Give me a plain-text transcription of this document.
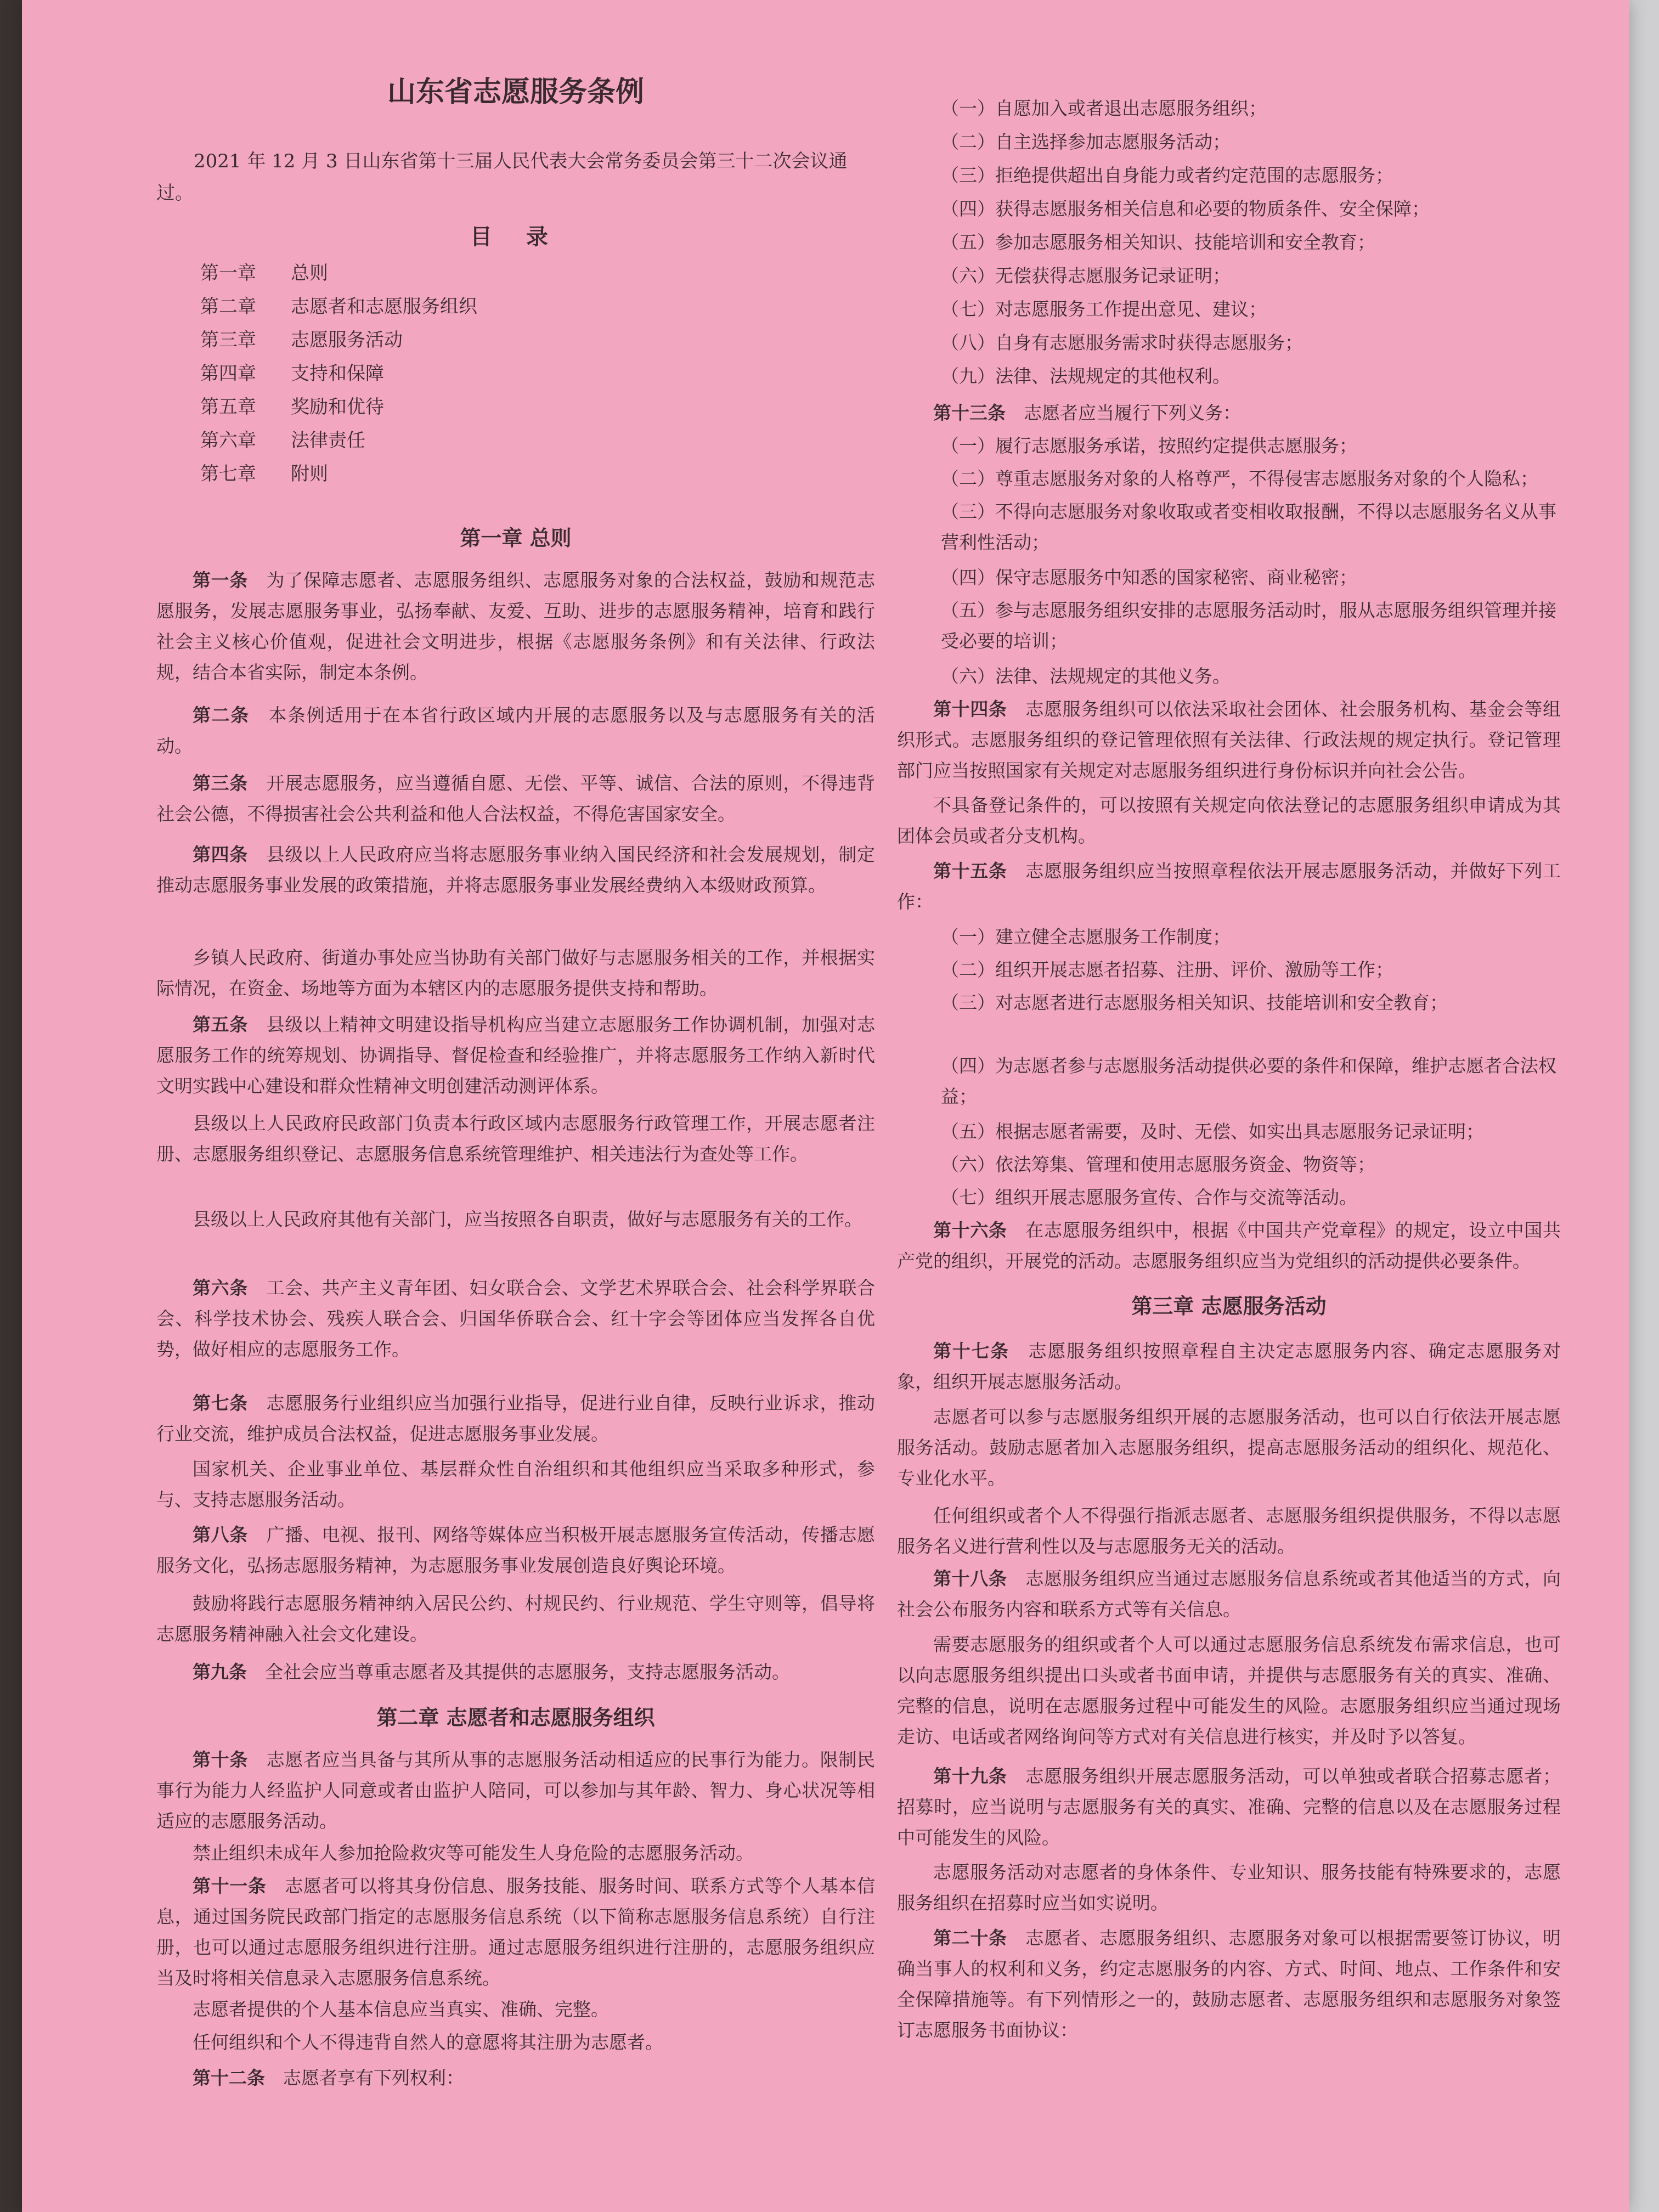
山东省志愿服务条例
2021 年 12 月 3 日山东省第十三届人民代表大会常务委员会第三十二次会议通过。
目 录
第一章	总则
第二章	志愿者和志愿服务组织
第三章	志愿服务活动
第四章	支持和保障
第五章	奖励和优待
第六章	法律责任
第七章	附则
第一章 总则
第一条　 为了保障志愿者、志愿服务组织、志愿服务对象的合法权益，鼓励和规范志愿服务，发展志愿服务事业，弘扬奉献、友爱、互助、进步的志愿服务精神，培育和践行社会主义核心价值观，促进社会文明进步，根据《志愿服务条例》和有关法律、行政法规，结合本省实际，制定本条例。
第二条　 本条例适用于在本省行政区域内开展的志愿服务以及与志愿服务有关的活动。
第三条　 开展志愿服务，应当遵循自愿、无偿、平等、诚信、合法的原则，不得违背社会公德，不得损害社会公共利益和他人合法权益，不得危害国家安全。
第四条　 县级以上人民政府应当将志愿服务事业纳入国民经济和社会发展规划，制定推动志愿服务事业发展的政策措施，并将志愿服务事业发展经费纳入本级财政预算。
乡镇人民政府、街道办事处应当协助有关部门做好与志愿服务相关的工作，并根据实际情况，在资金、场地等方面为本辖区内的志愿服务提供支持和帮助。
第五条　 县级以上精神文明建设指导机构应当建立志愿服务工作协调机制，加强对志愿服务工作的统筹规划、协调指导、督促检查和经验推广，并将志愿服务工作纳入新时代文明实践中心建设和群众性精神文明创建活动测评体系。
县级以上人民政府民政部门负责本行政区域内志愿服务行政管理工作，开展志愿者注册、志愿服务组织登记、志愿服务信息系统管理维护、相关违法行为查处等工作。
县级以上人民政府其他有关部门，应当按照各自职责，做好与志愿服务有关的工作。
第六条　 工会、共产主义青年团、妇女联合会、文学艺术界联合会、社会科学界联合会、科学技术协会、残疾人联合会、归国华侨联合会、红十字会等团体应当发挥各自优势，做好相应的志愿服务工作。
第七条　 志愿服务行业组织应当加强行业指导，促进行业自律，反映行业诉求，推动行业交流，维护成员合法权益，促进志愿服务事业发展。
国家机关、企业事业单位、基层群众性自治组织和其他组织应当采取多种形式，参与、支持志愿服务活动。
第八条　 广播、电视、报刊、网络等媒体应当积极开展志愿服务宣传活动，传播志愿服务文化，弘扬志愿服务精神，为志愿服务事业发展创造良好舆论环境。
鼓励将践行志愿服务精神纳入居民公约、村规民约、行业规范、学生守则等，倡导将志愿服务精神融入社会文化建设。
第九条　 全社会应当尊重志愿者及其提供的志愿服务，支持志愿服务活动。
第二章 志愿者和志愿服务组织
第十条　 志愿者应当具备与其所从事的志愿服务活动相适应的民事行为能力。限制民事行为能力人经监护人同意或者由监护人陪同，可以参加与其年龄、智力、身心状况等相适应的志愿服务活动。
禁止组织未成年人参加抢险救灾等可能发生人身危险的志愿服务活动。
第十一条　 志愿者可以将其身份信息、服务技能、服务时间、联系方式等个人基本信息，通过国务院民政部门指定的志愿服务信息系统（以下简称志愿服务信息系统）自行注册，也可以通过志愿服务组织进行注册。通过志愿服务组织进行注册的，志愿服务组织应当及时将相关信息录入志愿服务信息系统。
志愿者提供的个人基本信息应当真实、准确、完整。
任何组织和个人不得违背自然人的意愿将其注册为志愿者。
第十二条　 志愿者享有下列权利：
（一）自愿加入或者退出志愿服务组织；
（二）自主选择参加志愿服务活动；
（三）拒绝提供超出自身能力或者约定范围的志愿服务；
（四）获得志愿服务相关信息和必要的物质条件、安全保障；
（五）参加志愿服务相关知识、技能培训和安全教育；
（六）无偿获得志愿服务记录证明；
（七）对志愿服务工作提出意见、建议；
（八）自身有志愿服务需求时获得志愿服务；
（九）法律、法规规定的其他权利。
第十三条　 志愿者应当履行下列义务：
（一）履行志愿服务承诺，按照约定提供志愿服务；
（二）尊重志愿服务对象的人格尊严，不得侵害志愿服务对象的个人隐私；
（三）不得向志愿服务对象收取或者变相收取报酬，不得以志愿服务名义从事营利性活动；
（四）保守志愿服务中知悉的国家秘密、商业秘密；
（五）参与志愿服务组织安排的志愿服务活动时，服从志愿服务组织管理并接受必要的培训；
（六）法律、法规规定的其他义务。
第十四条　 志愿服务组织可以依法采取社会团体、社会服务机构、基金会等组织形式。志愿服务组织的登记管理依照有关法律、行政法规的规定执行。登记管理部门应当按照国家有关规定对志愿服务组织进行身份标识并向社会公告。
不具备登记条件的，可以按照有关规定向依法登记的志愿服务组织申请成为其团体会员或者分支机构。
第十五条　 志愿服务组织应当按照章程依法开展志愿服务活动，并做好下列工作：
（一）建立健全志愿服务工作制度；
（二）组织开展志愿者招募、注册、评价、激励等工作；
（三）对志愿者进行志愿服务相关知识、技能培训和安全教育；
（四）为志愿者参与志愿服务活动提供必要的条件和保障，维护志愿者合法权益；
（五）根据志愿者需要，及时、无偿、如实出具志愿服务记录证明；
（六）依法筹集、管理和使用志愿服务资金、物资等；
（七）组织开展志愿服务宣传、合作与交流等活动。
第十六条　 在志愿服务组织中，根据《中国共产党章程》的规定，设立中国共产党的组织，开展党的活动。志愿服务组织应当为党组织的活动提供必要条件。
第三章 志愿服务活动
第十七条　 志愿服务组织按照章程自主决定志愿服务内容、确定志愿服务对象，组织开展志愿服务活动。
志愿者可以参与志愿服务组织开展的志愿服务活动，也可以自行依法开展志愿服务活动。鼓励志愿者加入志愿服务组织，提高志愿服务活动的组织化、规范化、专业化水平。
任何组织或者个人不得强行指派志愿者、志愿服务组织提供服务，不得以志愿服务名义进行营利性以及与志愿服务无关的活动。
第十八条　 志愿服务组织应当通过志愿服务信息系统或者其他适当的方式，向社会公布服务内容和联系方式等有关信息。
需要志愿服务的组织或者个人可以通过志愿服务信息系统发布需求信息，也可以向志愿服务组织提出口头或者书面申请，并提供与志愿服务有关的真实、准确、完整的信息，说明在志愿服务过程中可能发生的风险。志愿服务组织应当通过现场走访、电话或者网络询问等方式对有关信息进行核实，并及时予以答复。
第十九条　 志愿服务组织开展志愿服务活动，可以单独或者联合招募志愿者；招募时，应当说明与志愿服务有关的真实、准确、完整的信息以及在志愿服务过程中可能发生的风险。
志愿服务活动对志愿者的身体条件、专业知识、服务技能有特殊要求的，志愿服务组织在招募时应当如实说明。
第二十条　 志愿者、志愿服务组织、志愿服务对象可以根据需要签订协议，明确当事人的权利和义务，约定志愿服务的内容、方式、时间、地点、工作条件和安全保障措施等。有下列情形之一的，鼓励志愿者、志愿服务组织和志愿服务对象签订志愿服务书面协议：
